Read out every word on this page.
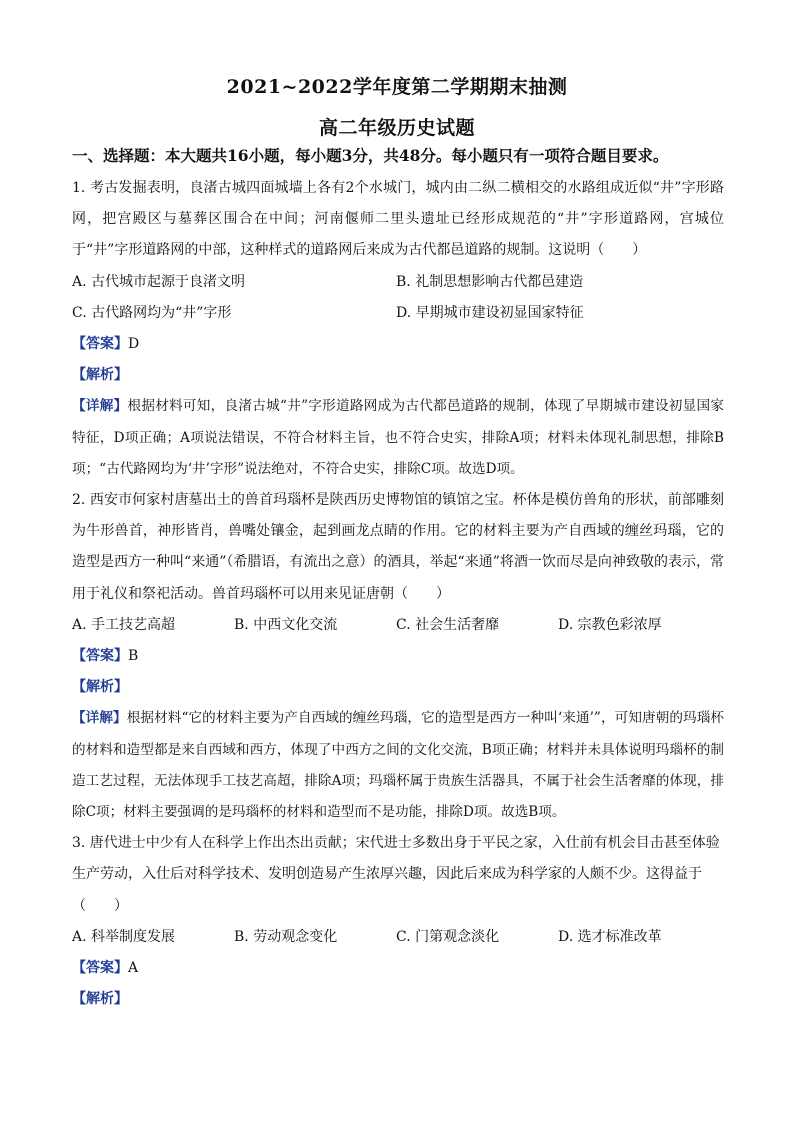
2021~2022学年度第二学期期末抽测
高二年级历史试题
一、选择题：本大题共16小题，每小题3分，共48分。每小题只有一项符合题目要求。

1. 考古发掘表明，良渚古城四面城墙上各有2个水城门，城内由二纵二横相交的水路组成近似“井”字形路网，把宫殿区与墓葬区围合在中间；河南偃师二里头遗址已经形成规范的“井”字形道路网，宫城位于“井”字形道路网的中部，这种样式的道路网后来成为古代都邑道路的规制。这说明（　　）

A. 古代城市起源于良渚文明	B. 礼制思想影响古代都邑建造
C. 古代路网均为“井”字形	D. 早期城市建设初显国家特征
【答案】D
【解析】

【详解】根据材料可知，良渚古城“井”字形道路网成为古代都邑道路的规制，体现了早期城市建设初显国家特征，D项正确；A项说法错误，不符合材料主旨，也不符合史实，排除A项；材料未体现礼制思想，排除B项；“古代路网均为‘井’字形”说法绝对，不符合史实，排除C项。故选D项。

2. 西安市何家村唐墓出土的兽首玛瑙杯是陕西历史博物馆的镇馆之宝。杯体是模仿兽角的形状，前部雕刻为牛形兽首，神形皆肖，兽嘴处镶金，起到画龙点睛的作用。它的材料主要为产自西域的缠丝玛瑙，它的造型是西方一种叫“来通”（希腊语，有流出之意）的酒具，举起“来通”将酒一饮而尽是向神致敬的表示，常用于礼仪和祭祀活动。兽首玛瑙杯可以用来见证唐朝（　　）

A. 手工技艺高超	B. 中西文化交流	C. 社会生活奢靡	D. 宗教色彩浓厚
【答案】B
【解析】

【详解】根据材料“它的材料主要为产自西域的缠丝玛瑙，它的造型是西方一种叫‘来通’”，可知唐朝的玛瑙杯的材料和造型都是来自西域和西方，体现了中西方之间的文化交流，B项正确；材料并未具体说明玛瑙杯的制造工艺过程，无法体现手工技艺高超，排除A项；玛瑙杯属于贵族生活器具，不属于社会生活奢靡的体现，排除C项；材料主要强调的是玛瑙杯的材料和造型而不是功能，排除D项。故选B项。

3. 唐代进士中少有人在科学上作出杰出贡献；宋代进士多数出身于平民之家，入仕前有机会目击甚至体验

生产劳动，入仕后对科学技术、发明创造易产生浓厚兴趣，因此后来成为科学家的人颇不少。这得益于

（　　）

A. 科举制度发展	B. 劳动观念变化	C. 门第观念淡化	D. 选才标准改革
【答案】A
【解析】
